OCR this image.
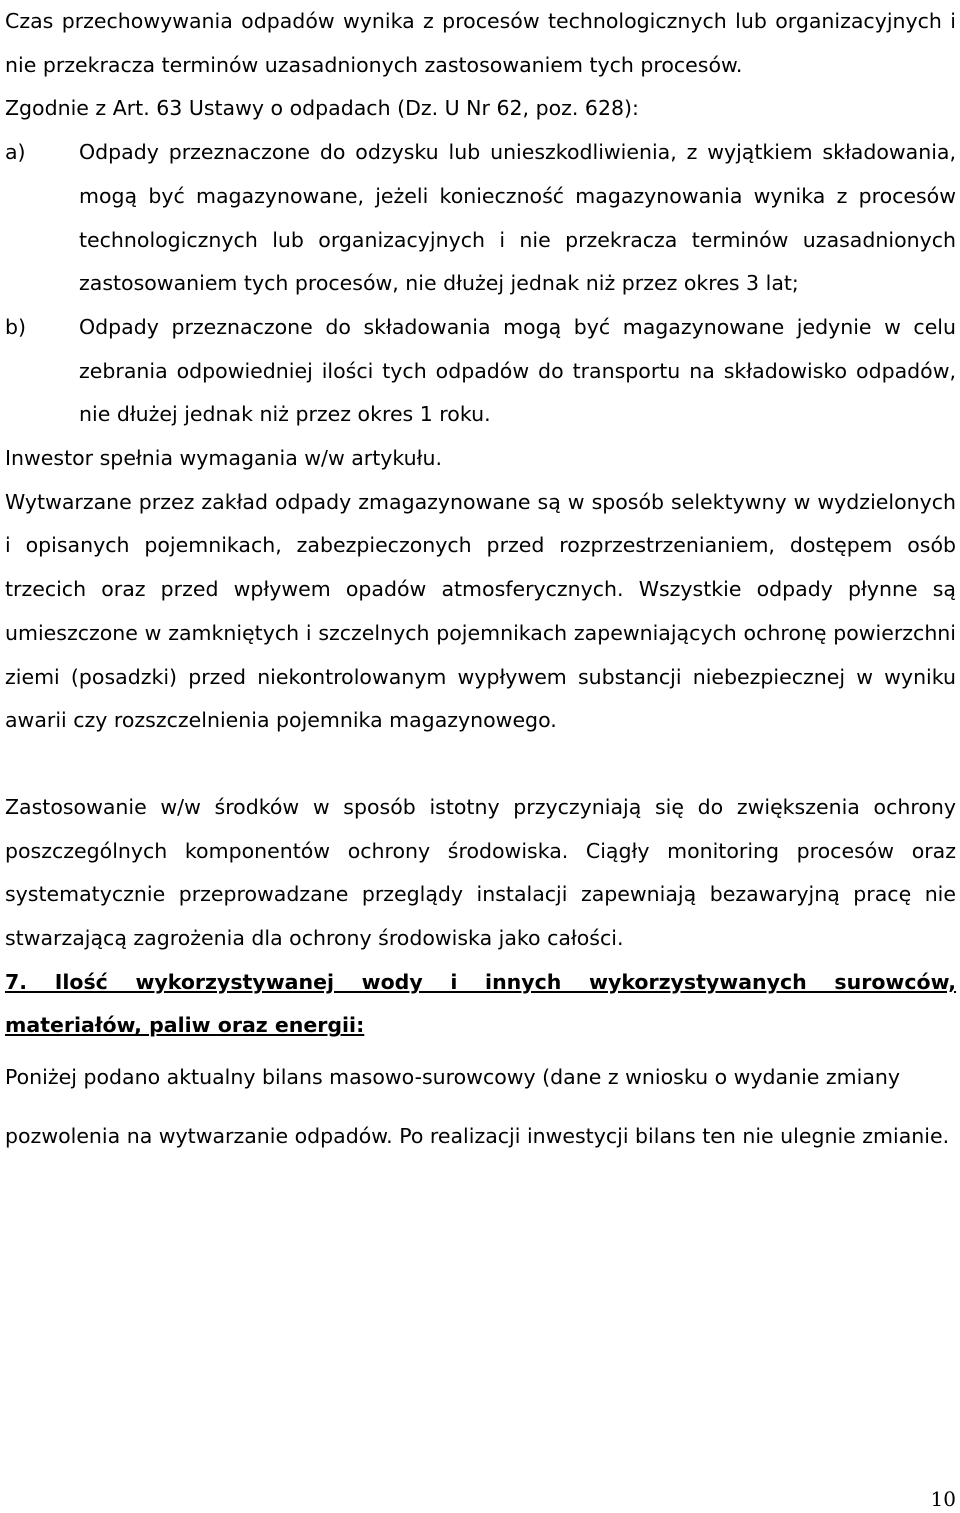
Czas przechowywania odpadów wynika z procesów technologicznych lub organizacyjnych i nie przekracza terminów uzasadnionych zastosowaniem tych procesów.

Zgodnie z Art. 63 Ustawy o odpadach (Dz. U Nr 62, poz. 628):

a)	Odpady przeznaczone do odzysku lub unieszkodliwienia, z wyjątkiem składowania, mogą być magazynowane, jeżeli konieczność magazynowania wynika z procesów technologicznych lub organizacyjnych i nie przekracza terminów uzasadnionych zastosowaniem tych procesów, nie dłużej jednak niż przez okres 3 lat;
b)	Odpady przeznaczone do składowania mogą być magazynowane jedynie w celu zebrania odpowiedniej ilości tych odpadów do transportu na składowisko odpadów, nie dłużej jednak niż przez okres 1 roku.

Inwestor spełnia wymagania w/w artykułu.

Wytwarzane przez zakład odpady zmagazynowane są w sposób selektywny w wydzielonych i opisanych pojemnikach, zabezpieczonych przed rozprzestrzenianiem, dostępem osób trzecich oraz przed wpływem opadów atmosferycznych. Wszystkie odpady płynne są umieszczone w zamkniętych i szczelnych pojemnikach zapewniających ochronę powierzchni ziemi (posadzki) przed niekontrolowanym wypływem substancji niebezpiecznej w wyniku awarii czy rozszczelnienia pojemnika magazynowego.

Zastosowanie w/w środków w sposób istotny przyczyniają się do zwiększenia ochrony poszczególnych komponentów ochrony środowiska. Ciągły monitoring procesów oraz systematycznie przeprowadzane przeglądy instalacji zapewniają bezawaryjną pracę nie stwarzającą zagrożenia dla ochrony środowiska jako całości.

7. Ilość wykorzystywanej wody i innych wykorzystywanych surowców, materiałów, paliw oraz energii:

Poniżej podano aktualny bilans masowo-surowcowy (dane z wniosku o wydanie zmiany pozwolenia na wytwarzanie odpadów. Po realizacji inwestycji bilans ten nie ulegnie zmianie.

10
